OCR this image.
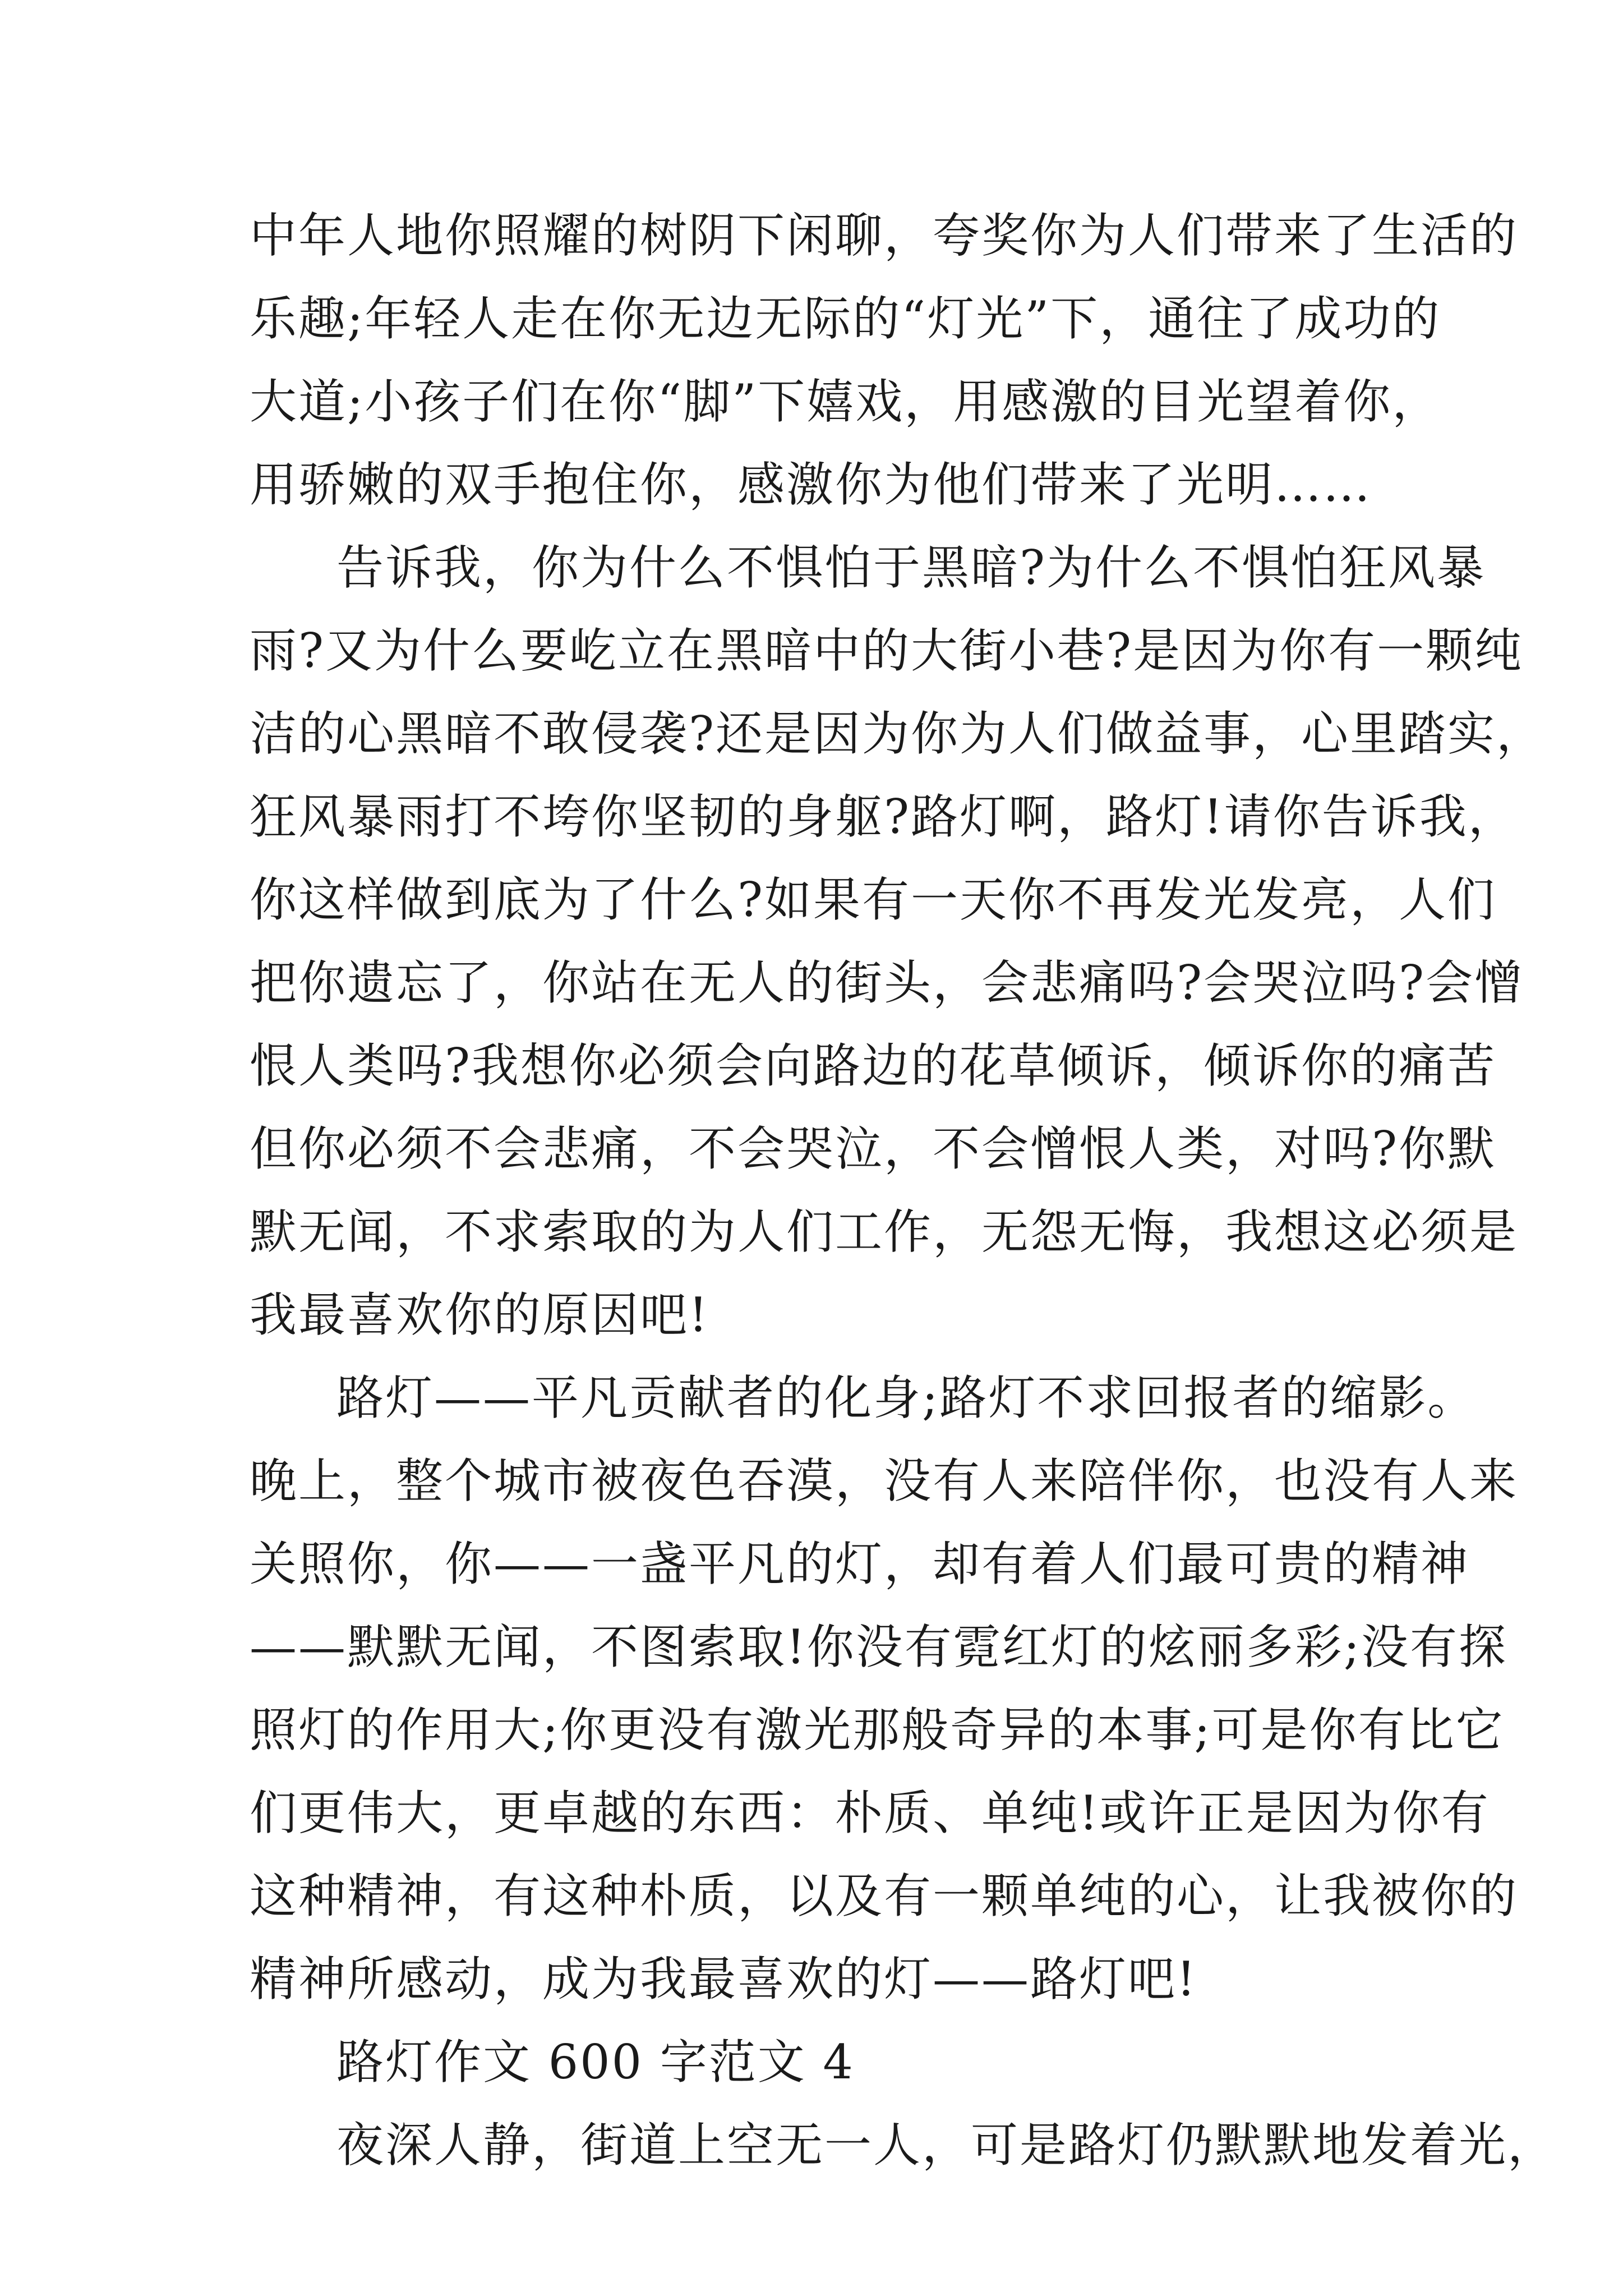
中年人地你照耀的树阴下闲聊，夸奖你为人们带来了生活的
乐趣;年轻人走在你无边无际的“灯光”下，通往了成功的
大道;小孩子们在你“脚”下嬉戏，用感激的目光望着你，
用骄嫩的双手抱住你，感激你为他们带来了光明……
告诉我，你为什么不惧怕于黑暗?为什么不惧怕狂风暴
雨?又为什么要屹立在黑暗中的大街小巷?是因为你有一颗纯
洁的心黑暗不敢侵袭?还是因为你为人们做益事，心里踏实，
狂风暴雨打不垮你坚韧的身躯?路灯啊，路灯!请你告诉我，
你这样做到底为了什么?如果有一天你不再发光发亮，人们
把你遗忘了，你站在无人的街头，会悲痛吗?会哭泣吗?会憎
恨人类吗?我想你必须会向路边的花草倾诉，倾诉你的痛苦
但你必须不会悲痛，不会哭泣，不会憎恨人类，对吗?你默
默无闻，不求索取的为人们工作，无怨无悔，我想这必须是
我最喜欢你的原因吧!
路灯——平凡贡献者的化身;路灯不求回报者的缩影。
晚上，整个城市被夜色吞漠，没有人来陪伴你，也没有人来
关照你，你——一盏平凡的灯，却有着人们最可贵的精神
——默默无闻，不图索取!你没有霓红灯的炫丽多彩;没有探
照灯的作用大;你更没有激光那般奇异的本事;可是你有比它
们更伟大，更卓越的东西：朴质、单纯!或许正是因为你有
这种精神，有这种朴质，以及有一颗单纯的心，让我被你的
精神所感动，成为我最喜欢的灯——路灯吧!
路灯作文 600 字范文 4
夜深人静，街道上空无一人，可是路灯仍默默地发着光，
